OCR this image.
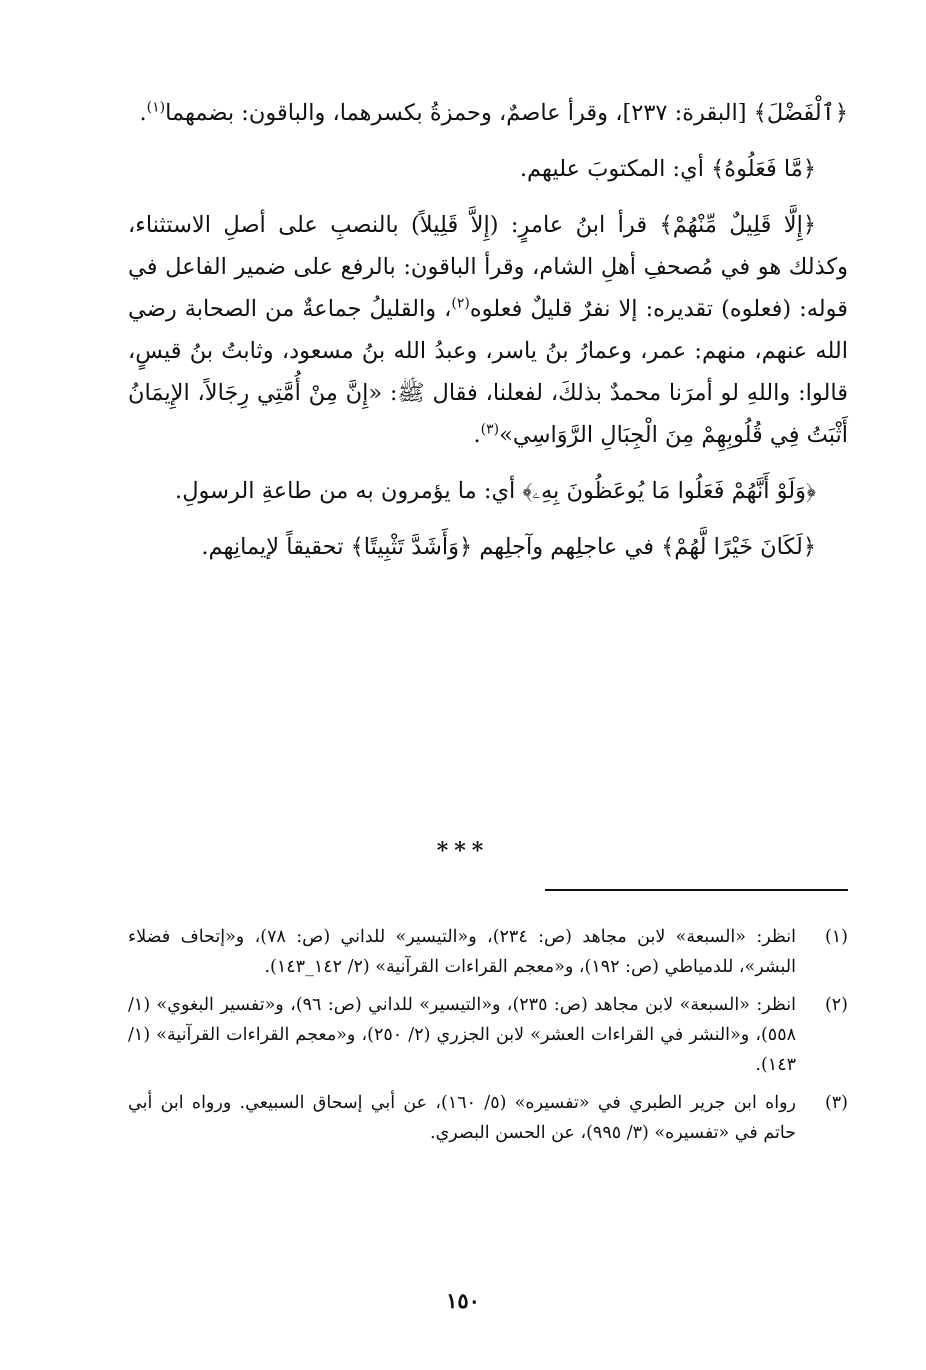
﴿ٱلْفَضْلَ﴾ [البقرة: ٢٣٧]، وقرأ عاصمٌ، وحمزةُ بكسرهما، والباقون: بضمهما$^{(١)}$.

﴿مَّا فَعَلُوهُ﴾ أي: المكتوبَ عليهم.

﴿إِلَّا قَلِيلٌ مِّنْهُمْ﴾ قرأ ابنُ عامرٍ: (إِلاَّ قَلِيلاً) بالنصبِ على أصلِ الاستثناء، وكذلك هو في مُصحفِ أهلِ الشام، وقرأ الباقون: بالرفع على ضمير الفاعل في قوله: (فعلوه) تقديره: إلا نفرٌ قليلٌ فعلوه$^{(٢)}$، والقليلُ جماعةٌ من الصحابة رضي الله عنهم، منهم: عمر، وعمارُ بنُ ياسر، وعبدُ الله بنُ مسعود، وثابتُ بنُ قيسٍ، قالوا: واللهِ لو أمرَنا محمدٌ بذلكَ، لفعلنا، فقال ﷺ: «إِنَّ مِنْ أُمَّتِي رِجَالاً، الإِيمَانُ أَثْبَتُ فِي قُلُوبِهِمْ مِنَ الْجِبَالِ الرَّوَاسِي»$^{(٣)}$.

﴿وَلَوْ أَنَّهُمْ فَعَلُوا مَا يُوعَظُونَ بِهِۦ﴾ أي: ما يؤمرون به من طاعةِ الرسولِ.

﴿لَكَانَ خَيْرًا لَّهُمْ﴾ في عاجلِهم وآجلِهم ﴿وَأَشَدَّ تَثْبِيتًا﴾ تحقيقاً لإيمانِهم.

***
(١)
انظر: «السبعة» لابن مجاهد (ص: ٢٣٤)، و«التيسير» للداني (ص: ٧٨)، و«إتحاف فضلاء البشر»، للدمياطي (ص: ١٩٢)، و«معجم القراءات القرآنية» (٢/ ١٤٢_١٤٣).
(٢)
انظر: «السبعة» لابن مجاهد (ص: ٢٣٥)، و«التيسير» للداني (ص: ٩٦)، و«تفسير البغوي» (١/ ٥٥٨)، و«النشر في القراءات العشر» لابن الجزري (٢/ ٢٥٠)، و«معجم القراءات القرآنية» (١/ ١٤٣).
(٣)
رواه ابن جرير الطبري في «تفسيره» (٥/ ١٦٠)، عن أبي إسحاق السبيعي. ورواه ابن أبي حاتم في «تفسيره» (٣/ ٩٩٥)، عن الحسن البصري.
١٥٠
